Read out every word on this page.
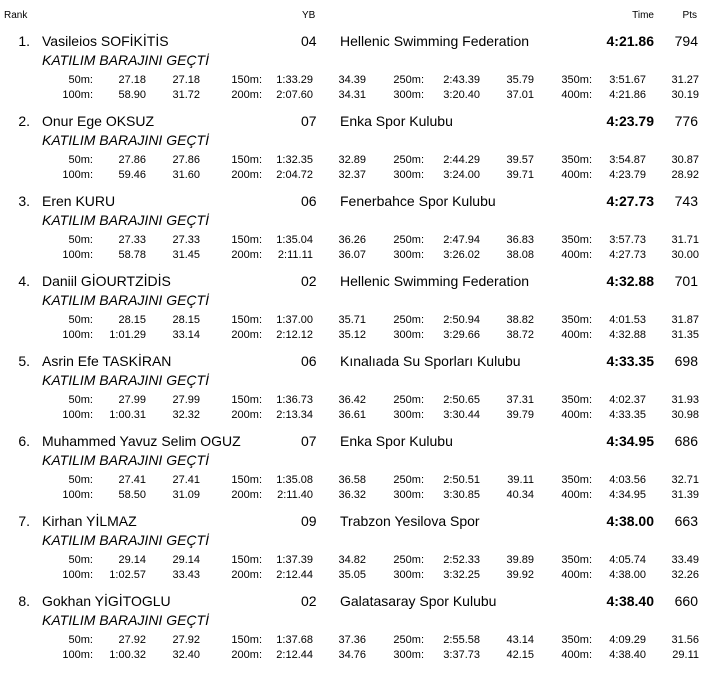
Rank	YB	Time	Pts
1. Vasileios SOFİKİTİS	04 Hellenic Swimming Federation	4:21.86 794
KATILIM BARAJINI GEÇTİ
50m: 27.18 27.18	150m: 1:33.29 34.39 250m: 2:43.39 35.79 350m: 3:51.67 31.27
100m: 58.90 31.72	200m: 2:07.60 34.31 300m: 3:20.40 37.01 400m: 4:21.86 30.19
2. Onur Ege OKSUZ	07 Enka Spor Kulubu	4:23.79 776
KATILIM BARAJINI GEÇTİ
50m: 27.86 27.86	150m: 1:32.35 32.89 250m: 2:44.29 39.57 350m: 3:54.87 30.87
100m: 59.46 31.60	200m: 2:04.72 32.37 300m: 3:24.00 39.71 400m: 4:23.79 28.92
3. Eren KURU	06 Fenerbahce Spor Kulubu	4:27.73 743
KATILIM BARAJINI GEÇTİ
50m: 27.33 27.33	150m: 1:35.04 36.26 250m: 2:47.94 36.83 350m: 3:57.73 31.71
100m: 58.78 31.45	200m: 2:11.11 36.07 300m: 3:26.02 38.08 400m: 4:27.73 30.00
4. Daniil GİOURTZİDİS	02 Hellenic Swimming Federation	4:32.88 701
KATILIM BARAJINI GEÇTİ
50m: 28.15 28.15	150m: 1:37.00 35.71 250m: 2:50.94 38.82 350m: 4:01.53 31.87
100m: 1:01.29 33.14	200m: 2:12.12 35.12 300m: 3:29.66 38.72 400m: 4:32.88 31.35
5. Asrin Efe TASKİRAN	06 Kınalıada Su Sporları Kulubu	4:33.35 698
KATILIM BARAJINI GEÇTİ
50m: 27.99 27.99	150m: 1:36.73 36.42 250m: 2:50.65 37.31 350m: 4:02.37 31.93
100m: 1:00.31 32.32	200m: 2:13.34 36.61 300m: 3:30.44 39.79 400m: 4:33.35 30.98
6. Muhammed Yavuz Selim OGUZ	07 Enka Spor Kulubu	4:34.95 686
KATILIM BARAJINI GEÇTİ
50m: 27.41 27.41	150m: 1:35.08 36.58 250m: 2:50.51 39.11 350m: 4:03.56 32.71
100m: 58.50 31.09	200m: 2:11.40 36.32 300m: 3:30.85 40.34 400m: 4:34.95 31.39
7. Kirhan YİLMAZ	09 Trabzon Yesilova Spor	4:38.00 663
KATILIM BARAJINI GEÇTİ
50m: 29.14 29.14	150m: 1:37.39 34.82 250m: 2:52.33 39.89 350m: 4:05.74 33.49
100m: 1:02.57 33.43	200m: 2:12.44 35.05 300m: 3:32.25 39.92 400m: 4:38.00 32.26
8. Gokhan YİGİTOGLU	02 Galatasaray Spor Kulubu	4:38.40 660
KATILIM BARAJINI GEÇTİ
50m: 27.92 27.92	150m: 1:37.68 37.36 250m: 2:55.58 43.14 350m: 4:09.29 31.56
100m: 1:00.32 32.40	200m: 2:12.44 34.76 300m: 3:37.73 42.15 400m: 4:38.40 29.11
